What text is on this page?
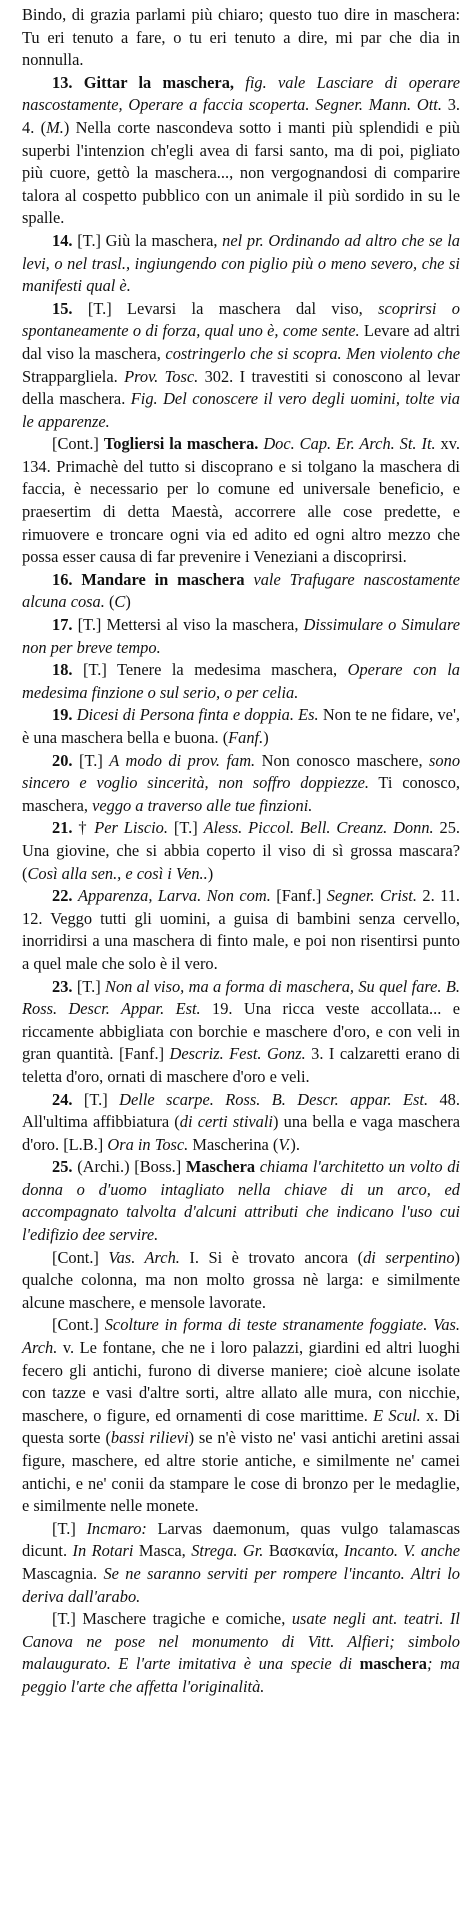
Bindo, di grazia parlami più chiaro; questo tuo dire in maschera: Tu eri tenuto a fare, o tu eri tenuto a dire, mi par che dia in nonnulla.

13. Gittar la maschera, fig. vale Lasciare di operare nascostamente, Operare a faccia scoperta. Segner. Mann. Ott. 3. 4. (M.) Nella corte nascondeva sotto i manti più splendidi e più superbi l'intenzion ch'egli avea di farsi santo, ma di poi, pigliato più cuore, gettò la maschera..., non vergognandosi di comparire talora al cospetto pubblico con un animale il più sordido in su le spalle.

14. [T.] Giù la maschera, nel pr. Ordinando ad altro che se la levi, o nel trasl., ingiungendo con piglio più o meno severo, che si manifesti qual è.

15. [T.] Levarsi la maschera dal viso, scoprirsi o spontaneamente o di forza, qual uno è, come sente. Levare ad altri dal viso la maschera, costringerlo che si scopra. Men violento che Strappargliela. Prov. Tosc. 302. I travestiti si conoscono al levar della maschera. Fig. Del conoscere il vero degli uomini, tolte via le apparenze.

[Cont.] Togliersi la maschera. Doc. Cap. Er. Arch. St. It. xv. 134. Primachè del tutto si discoprano e si tolgano la maschera di faccia, è necessario per lo comune ed universale beneficio, e praesertim di detta Maestà, accorrere alle cose predette, e rimuovere e troncare ogni via ed adito ed ogni altro mezzo che possa esser causa di far prevenire i Veneziani a discoprirsi.

16. Mandare in maschera vale Trafugare nascostamente alcuna cosa. (C)

17. [T.] Mettersi al viso la maschera, Dissimulare o Simulare non per breve tempo.

18. [T.] Tenere la medesima maschera, Operare con la medesima finzione o sul serio, o per celia.

19. Dicesi di Persona finta e doppia. Es. Non te ne fidare, ve', è una maschera bella e buona. (Fanf.)

20. [T.] A modo di prov. fam. Non conosco maschere, sono sincero e voglio sincerità, non soffro doppiezze. Ti conosco, maschera, veggo a traverso alle tue finzioni.

21. † Per Liscio. [T.] Aless. Piccol. Bell. Creanz. Donn. 25. Una giovine, che si abbia coperto il viso di sì grossa mascara? (Così alla sen., e così i Ven..)

22. Apparenza, Larva. Non com. [Fanf.] Segner. Crist. 2. 11. 12. Veggo tutti gli uomini, a guisa di bambini senza cervello, inorridirsi a una maschera di finto male, e poi non risentirsi punto a quel male che solo è il vero.

23. [T.] Non al viso, ma a forma di maschera, Su quel fare. B. Ross. Descr. Appar. Est. 19. Una ricca veste accollata... e riccamente abbigliata con borchie e maschere d'oro, e con veli in gran quantità. [Fanf.] Descriz. Fest. Gonz. 3. I calzaretti erano di teletta d'oro, ornati di maschere d'oro e veli.

24. [T.] Delle scarpe. Ross. B. Descr. appar. Est. 48. All'ultima affibbiatura (di certi stivali) una bella e vaga maschera d'oro. [L.B.] Ora in Tosc. Mascherina (V.).

25. (Archi.) [Boss.] Maschera chiama l'architetto un volto di donna o d'uomo intagliato nella chiave di un arco, ed accompagnato talvolta d'alcuni attributi che indicano l'uso cui l'edifizio dee servire.

[Cont.] Vas. Arch. I. Si è trovato ancora (di serpentino) qualche colonna, ma non molto grossa nè larga: e similmente alcune maschere, e mensole lavorate.

[Cont.] Scolture in forma di teste stranamente foggiate. Vas. Arch. v. Le fontane, che ne i loro palazzi, giardini ed altri luoghi fecero gli antichi, furono di diverse maniere; cioè alcune isolate con tazze e vasi d'altre sorti, altre allato alle mura, con nicchie, maschere, o figure, ed ornamenti di cose marittime. E Scul. x. Di questa sorte (bassi rilievi) se n'è visto ne' vasi antichi aretini assai figure, maschere, ed altre storie antiche, e similmente ne' camei antichi, e ne' conii da stampare le cose di bronzo per le medaglie, e similmente nelle monete.

[T.] Incmaro: Larvas daemonum, quas vulgo talamascas dicunt. In Rotari Masca, Strega. Gr. Βασκανία, Incanto. V. anche Mascagnia. Se ne saranno serviti per rompere l'incanto. Altri lo deriva dall'arabo.

[T.] Maschere tragiche e comiche, usate negli ant. teatri. Il Canova ne pose nel monumento di Vitt. Alfieri; simbolo malaugurato. E l'arte imitativa è una specie di maschera; ma peggio l'arte che affetta l'originalità.
